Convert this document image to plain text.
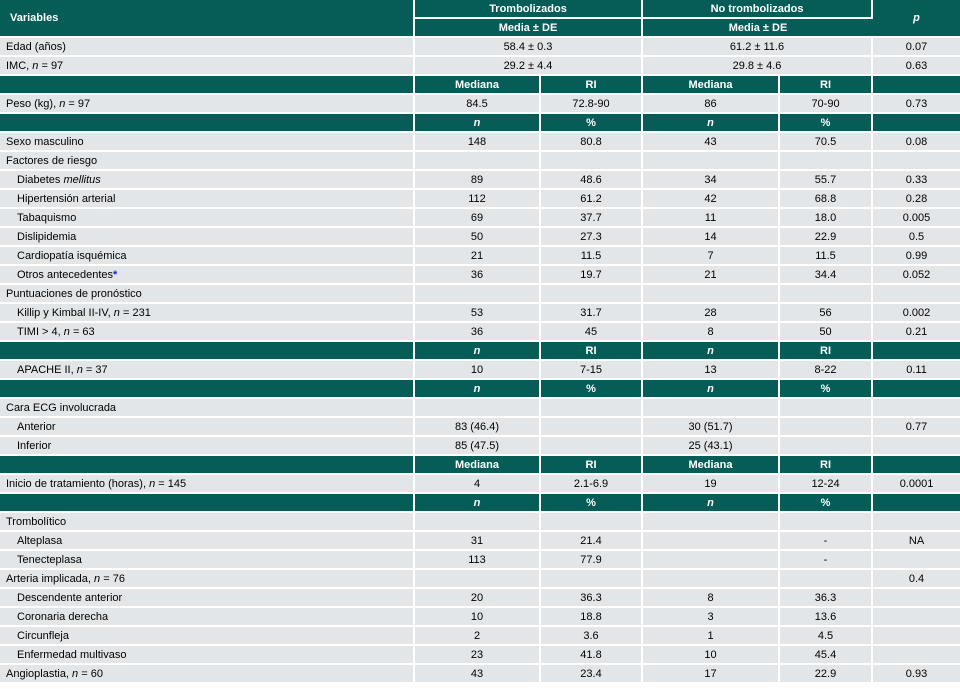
Variables	Trombolizados		No trombolizados		p
	Media ± DE		Media ± DE		
Edad (años)	58.4 ± 0.3		61.2 ± 11.6		0.07
IMC, n = 97	29.2 ± 4.4		29.8 ± 4.6		0.63
	Mediana	RI	Mediana	RI	
Peso (kg), n = 97	84.5	72.8-90	86	70-90	0.73
	n	%	n	%	
Sexo masculino	148	80.8	43	70.5	0.08
Factores de riesgo					
Diabetes mellitus	89	48.6	34	55.7	0.33
Hipertensión arterial	112	61.2	42	68.8	0.28
Tabaquismo	69	37.7	11	18.0	0.005
Dislipidemia	50	27.3	14	22.9	0.5
Cardiopatía isquémica	21	11.5	7	11.5	0.99
Otros antecedentes*	36	19.7	21	34.4	0.052
Puntuaciones de pronóstico					
Killip y Kimbal II-IV, n = 231	53	31.7	28	56	0.002
TIMI > 4, n = 63	36	45	8	50	0.21
	n	RI	n	RI	
APACHE II, n = 37	10	7-15	13	8-22	0.11
	n	%	n	%	
Cara ECG involucrada					
Anterior	83 (46.4)		30 (51.7)		0.77
Inferior	85 (47.5)		25 (43.1)		
	Mediana	RI	Mediana	RI	
Inicio de tratamiento (horas), n = 145	4	2.1-6.9	19	12-24	0.0001
	n	%	n	%	
Trombolítico					
Alteplasa	31	21.4		-	NA
Tenecteplasa	113	77.9		-	
Arteria implicada, n = 76					0.4
Descendente anterior	20	36.3	8	36.3	
Coronaria derecha	10	18.8	3	13.6	
Circunfleja	2	3.6	1	4.5	
Enfermedad multivaso	23	41.8	10	45.4	
Angioplastia, n = 60	43	23.4	17	22.9	0.93
